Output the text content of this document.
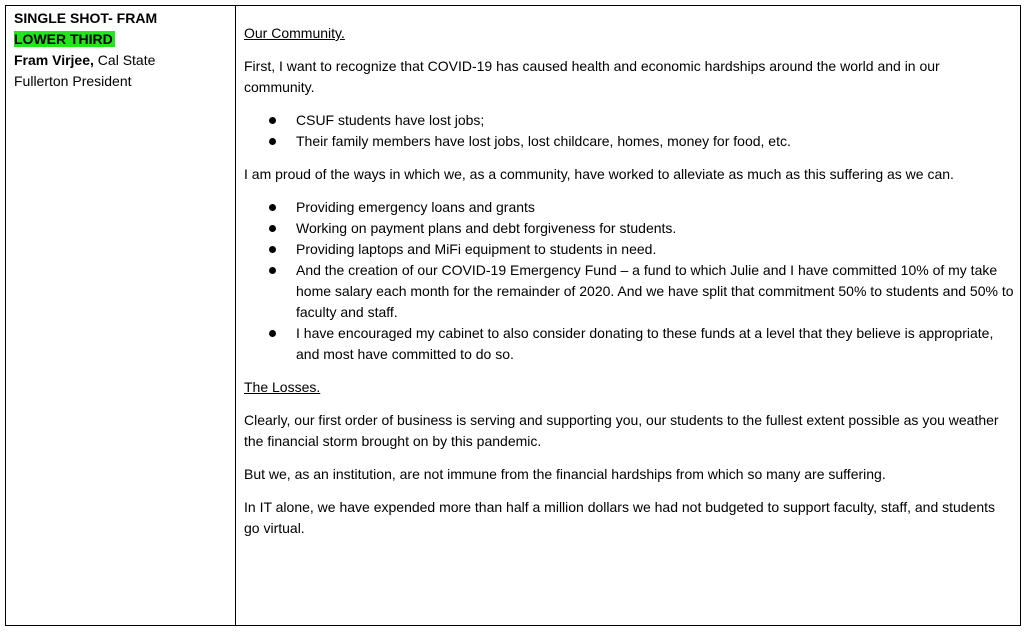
SINGLE SHOT- FRAM
LOWER THIRD
Fram Virjee, Cal State
Fullerton President

Our Community.

First, I want to recognize that COVID-19 has caused health and economic hardships around the world and in our community.

CSUF students have lost jobs;
Their family members have lost jobs, lost childcare, homes, money for food, etc.

I am proud of the ways in which we, as a community, have worked to alleviate as much as this suffering as we can.

Providing emergency loans and grants
Working on payment plans and debt forgiveness for students.
Providing laptops and MiFi equipment to students in need.
And the creation of our COVID-19 Emergency Fund – a fund to which Julie and I have committed 10% of my take home salary each month for the remainder of 2020. And we have split that commitment 50% to students and 50% to faculty and staff.
I have encouraged my cabinet to also consider donating to these funds at a level that they believe is appropriate, and most have committed to do so.

The Losses.

Clearly, our first order of business is serving and supporting you, our students to the fullest extent possible as you weather the financial storm brought on by this pandemic.

But we, as an institution, are not immune from the financial hardships from which so many are suffering.

In IT alone, we have expended more than half a million dollars we had not budgeted to support faculty, staff, and students go virtual.
